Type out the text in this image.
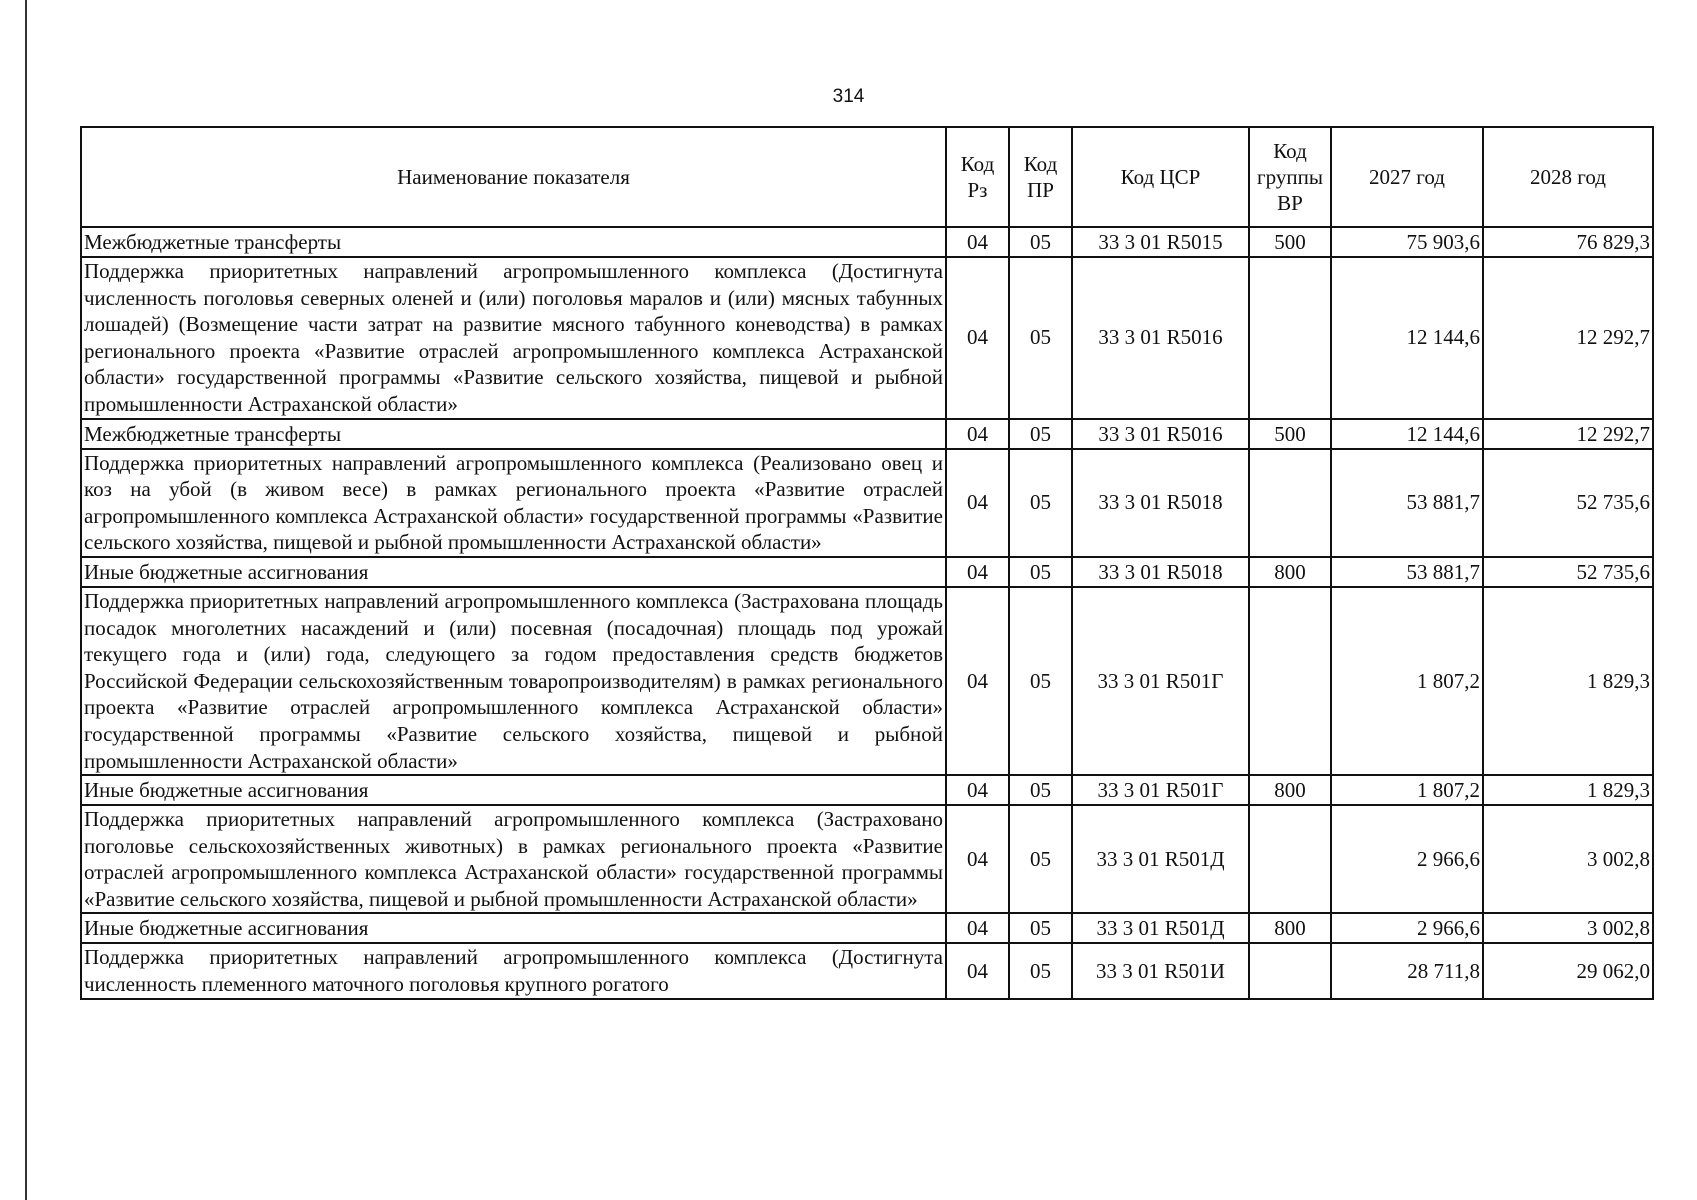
314
Наименование показателя	Код Рз	Код ПР	Код ЦСР	Код группы ВР	2027 год	2028 год
Межбюджетные трансферты	04	05	33 3 01 R5015	500	75 903,6	76 829,3
Поддержка приоритетных направлений агропромышленного комплекса (Достигнута численность поголовья северных оленей и (или) поголовья маралов и (или) мясных табунных лошадей) (Возмещение части затрат на развитие мясного табунного коневодства) в рамках регионального проекта «Развитие отраслей агропромышленного комплекса Астраханской области» государственной программы «Развитие сельского хозяйства, пищевой и рыбной промышленности Астраханской области»	04	05	33 3 01 R5016		12 144,6	12 292,7
Межбюджетные трансферты	04	05	33 3 01 R5016	500	12 144,6	12 292,7
Поддержка приоритетных направлений агропромышленного комплекса (Реализовано овец и коз на убой (в живом весе) в рамках регионального проекта «Развитие отраслей агропромышленного комплекса Астраханской области» государственной программы «Развитие сельского хозяйства, пищевой и рыбной промышленности Астраханской области»	04	05	33 3 01 R5018		53 881,7	52 735,6
Иные бюджетные ассигнования	04	05	33 3 01 R5018	800	53 881,7	52 735,6
Поддержка приоритетных направлений агропромышленного комплекса (Застрахована площадь посадок многолетних насаждений и (или) посевная (посадочная) площадь под урожай текущего года и (или) года, следующего за годом предоставления средств бюджетов Российской Федерации сельскохозяйственным товаропроизводителям) в рамках регионального проекта «Развитие отраслей агропромышленного комплекса Астраханской области» государственной программы «Развитие сельского хозяйства, пищевой и рыбной промышленности Астраханской области»	04	05	33 3 01 R501Г		1 807,2	1 829,3
Иные бюджетные ассигнования	04	05	33 3 01 R501Г	800	1 807,2	1 829,3
Поддержка приоритетных направлений агропромышленного комплекса (Застраховано поголовье сельскохозяйственных животных) в рамках регионального проекта «Развитие отраслей агропромышленного комплекса Астраханской области» государственной программы «Развитие сельского хозяйства, пищевой и рыбной промышленности Астраханской области»	04	05	33 3 01 R501Д		2 966,6	3 002,8
Иные бюджетные ассигнования	04	05	33 3 01 R501Д	800	2 966,6	3 002,8
Поддержка приоритетных направлений агропромышленного комплекса (Достигнута численность племенного маточного поголовья крупного рогатого	04	05	33 3 01 R501И		28 711,8	29 062,0
